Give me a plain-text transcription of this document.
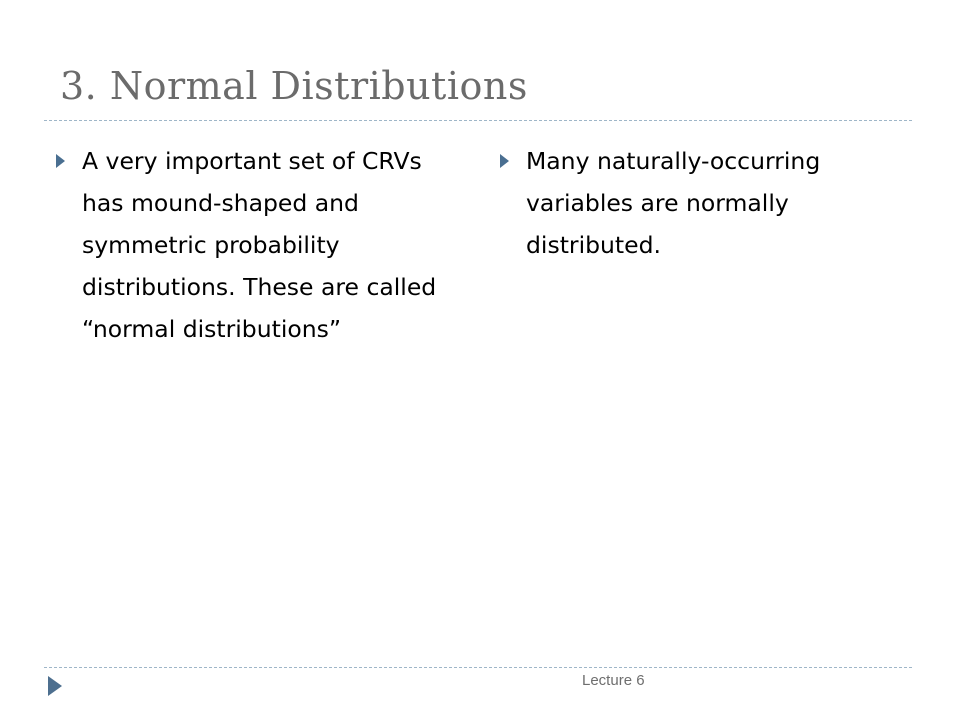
3. Normal Distributions
A very important set of CRVs has mound-shaped and symmetric probability distributions. These are called “normal distributions”
Many naturally-occurring variables are normally distributed.
Lecture 6
